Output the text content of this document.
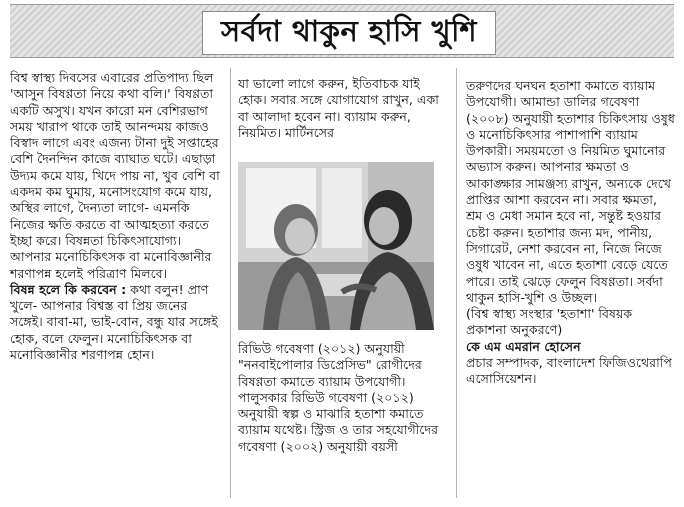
সর্বদা থাকুন হাসি খুশি

বিশ্ব স্বাস্থ্য দিবসের এবারের প্রতিপাদ্য ছিল 'আসুন বিষণ্ণতা নিয়ে কথা বলি।' বিষণ্ণতা একটি অসুখ। যখন কারো মন বেশিরভাগ সময় খারাপ থাকে তাই আনন্দময় কাজও বিস্বাদ লাগে এবং এজন্য টানা দুই সপ্তাহের বেশি দৈনন্দিন কাজে ব্যাঘাত ঘটে। এছাড়া উদ্যম কমে যায়, খিদে পায় না, খুব বেশি বা একদম কম ঘুমায়, মনোসংযোগ কমে যায়, অস্থির লাগে, দৈন্যতা লাগে- এমনকি নিজের ক্ষতি করতে বা আত্মহত্যা করতে ইচ্ছা করে। বিষন্নতা চিকিৎসাযোগ্য। আপনার মনোচিকিৎসক বা মনোবিজ্ঞানীর শরণাপন্ন হলেই পরিত্রাণ মিলবে।

বিষন্ন হলে কি করবেন : কথা বলুন! প্রাণ খুলে- আপনার বিশ্বস্ত বা প্রিয় জনের সঙ্গেই। বাবা-মা, ভাই-বোন, বন্ধু যার সঙ্গেই হোক, বলে ফেলুন। মনোচিকিৎসক বা মনোবিজ্ঞানীর শরণাপন্ন হোন।

যা ভালো লাগে করুন, ইতিবাচক যাই হোক। সবার সঙ্গে যোগাযোগ রাখুন, একা বা আলাদা হবেন না। ব্যায়াম করুন, নিয়মিত। মার্টিনসের

রিভিউ গবেষণা (২০১২) অনুযায়ী "ননবাইপোলার ডিপ্রেসিভ" রোগীদের বিষণ্ণতা কমাতে ব্যায়াম উপযোগী। পালুসকার রিভিউ গবেষণা (২০১২) অনুযায়ী স্বল্প ও মাঝারি হতাশা কমাতে ব্যায়াম যথেষ্ট। স্ট্রিজ ও তার সহযোগীদের গবেষণা (২০০২) অনুযায়ী বয়সী

তরুণদের ঘনঘন হতাশা কমাতে ব্যায়াম উপযোগী। আমান্ডা ডালির গবেষণা (২০০৮) অনুযায়ী হতাশার চিকিৎসায় ওষুধ ও মনোচিকিৎসার পাশাপাশি ব্যায়াম উপকারী। সময়মতো ও নিয়মিত ঘুমানোর অভ্যাস করুন। আপনার ক্ষমতা ও আকাঙ্ক্ষার সামঞ্জস্য রাখুন, অন্যকে দেখে প্রাপ্তির আশা করবেন না। সবার ক্ষমতা, শ্রম ও মেধা সমান হবে না, সন্তুষ্ট হওয়ার চেষ্টা করুন। হতাশার জন্য মদ, পানীয়, সিগারেট, নেশা করবেন না, নিজে নিজে ওষুধ খাবেন না, এতে হতাশা বেড়ে যেতে পারে। তাই ঝেড়ে ফেলুন বিষণ্ণতা। সর্বদা থাকুন হাসি-খুশি ও উচ্ছল।

(বিশ্ব স্বাস্থ্য সংস্থার 'হতাশা' বিষয়ক প্রকাশনা অনুকরণে)

কে এম এমরান হোসেন

প্রচার সম্পাদক, বাংলাদেশ ফিজিওথেরাপি এসোসিয়েশন।
